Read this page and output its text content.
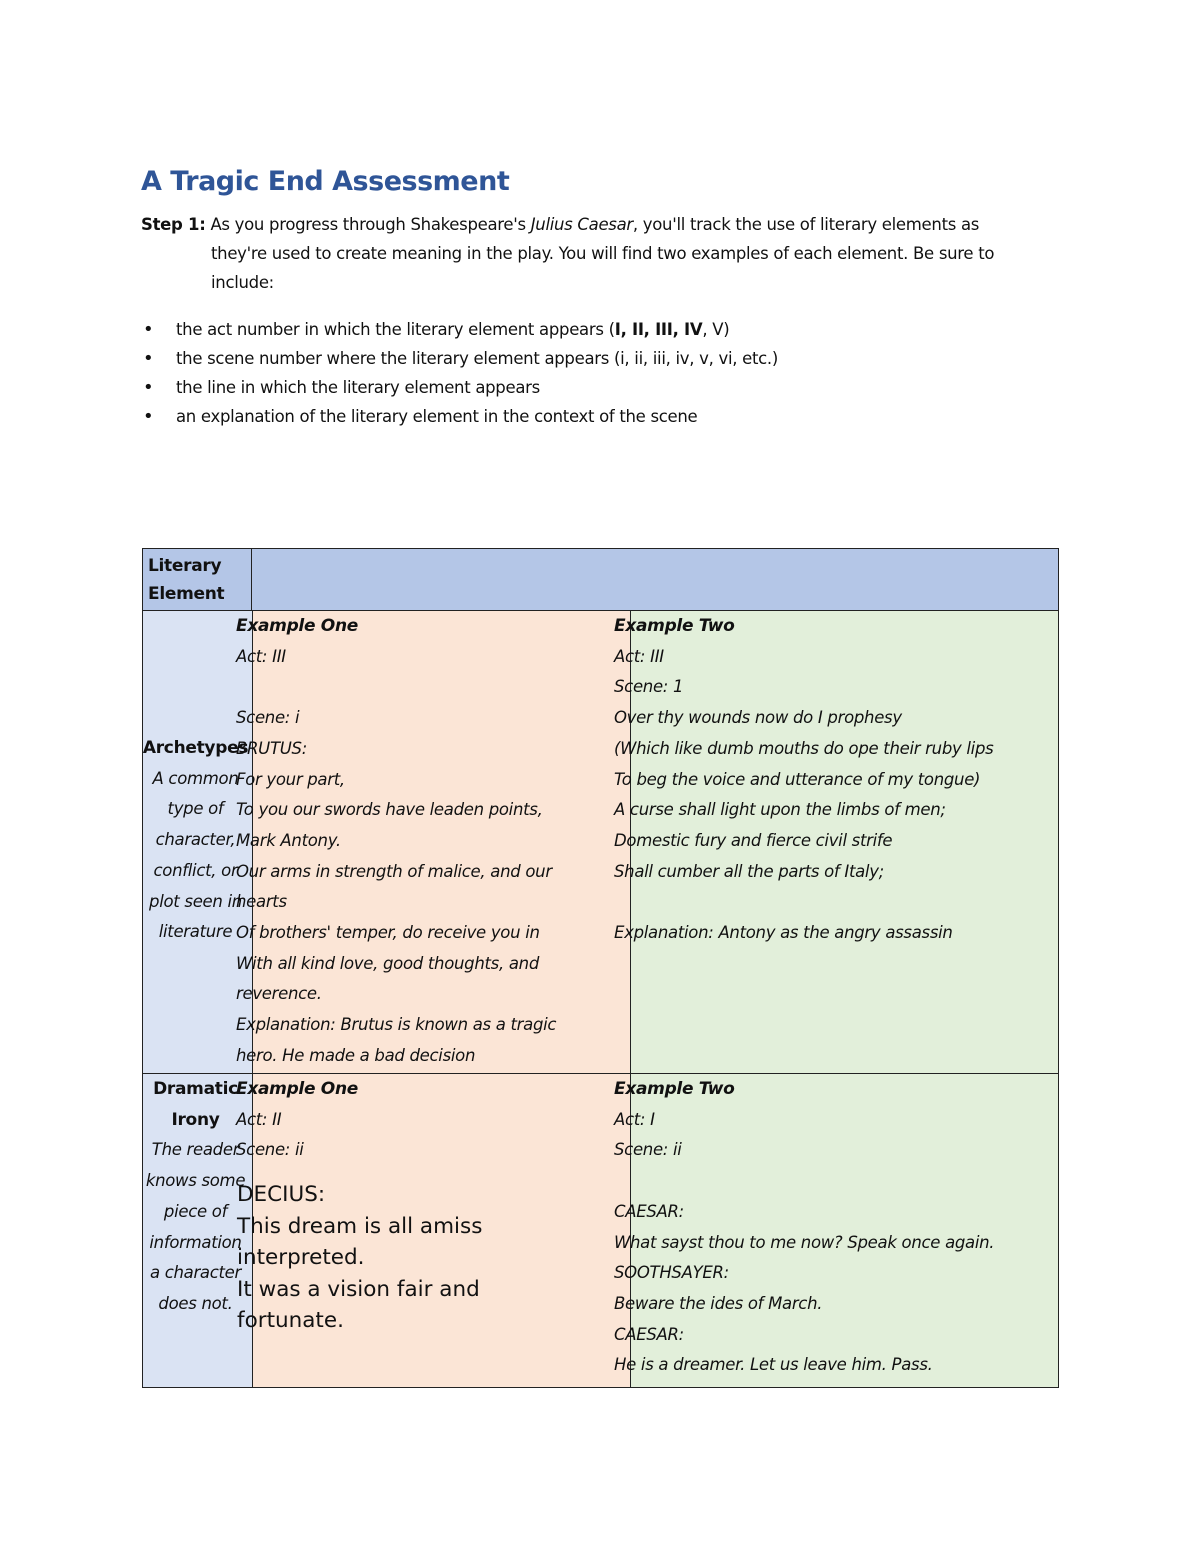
A Tragic End Assessment
Step 1: As you progress through Shakespeare's Julius Caesar, you'll track the use of literary elements as
they're used to create meaning in the play. You will find two examples of each element. Be sure to
include:
• the act number in which the literary element appears (I, II, III, IV, V)
• the scene number where the literary element appears (i, ii, iii, iv, v, vi, etc.)
• the line in which the literary element appears
• an explanation of the literary element in the context of the scene
Literary
Element
Archetypes
A common
type of
character,
conflict, or
plot seen in
literature
Example One
Act: III
Scene: i
BRUTUS:
For your part,
To you our swords have leaden points,
Mark Antony.
Our arms in strength of malice, and our
hearts
Of brothers' temper, do receive you in
With all kind love, good thoughts, and
reverence.
Explanation: Brutus is known as a tragic
hero. He made a bad decision
Example Two
Act: III
Scene: 1
Over thy wounds now do I prophesy
(Which like dumb mouths do ope their ruby lips
To beg the voice and utterance of my tongue)
A curse shall light upon the limbs of men;
Domestic fury and fierce civil strife
Shall cumber all the parts of Italy;
Explanation: Antony as the angry assassin
Dramatic
Irony
The reader
knows some
piece of
information
a character
does not.
Example One
Act: II
Scene: ii
DECIUS:
This dream is all amiss
interpreted.
It was a vision fair and
fortunate.
Example Two
Act: I
Scene: ii
CAESAR:
What sayst thou to me now? Speak once again.
SOOTHSAYER:
Beware the ides of March.
CAESAR:
He is a dreamer. Let us leave him. Pass.
